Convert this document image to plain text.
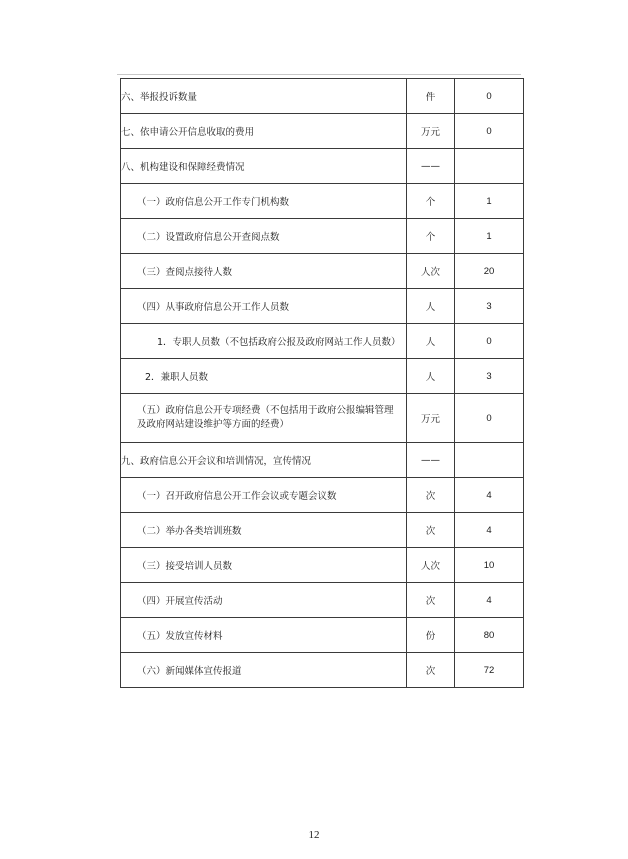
六、举报投诉数量	件	0
七、依申请公开信息收取的费用	万元	0
八、机构建设和保障经费情况	——	
（一）政府信息公开工作专门机构数	个	1
（二）设置政府信息公开查阅点数	个	1
（三）查阅点接待人数	人次	20
（四）从事政府信息公开工作人员数	人	3
1．专职人员数（不包括政府公报及政府网站工作人员数）	人	0
2．兼职人员数	人	3
（五）政府信息公开专项经费（不包括用于政府公报编辑管理及政府网站建设维护等方面的经费）	万元	0
九、政府信息公开会议和培训情况，宣传情况	——	
（一）召开政府信息公开工作会议或专题会议数	次	4
（二）举办各类培训班数	次	4
（三）接受培训人员数	人次	10
（四）开展宣传活动	次	4
（五）发放宣传材料	份	80
（六）新闻媒体宣传报道	次	72
12
